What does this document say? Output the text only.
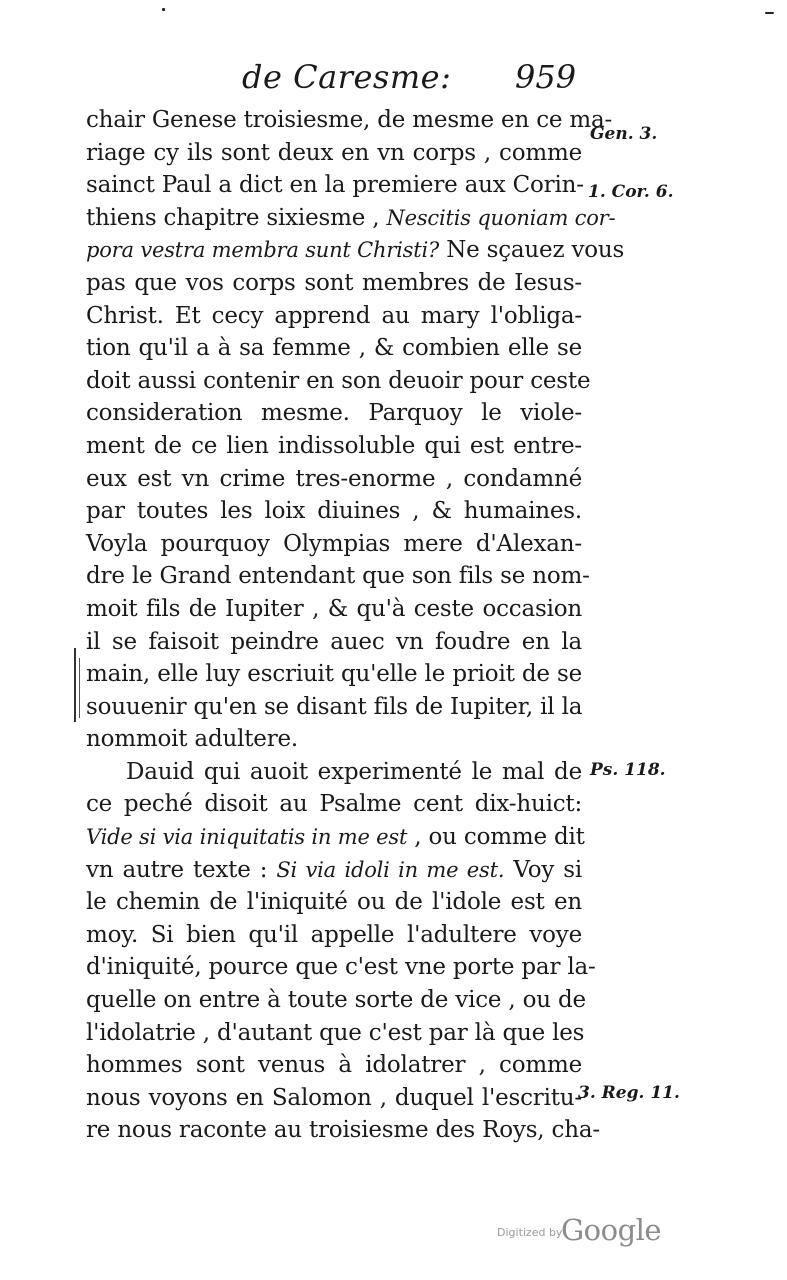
de Caresme: 959
chair Genese troisiesme, de mesme en ce ma-
riage cy ils sont deux en vn corps , comme
sainct Paul a dict en la premiere aux Corin-
thiens chapitre sixiesme , Nescitis quoniam cor-
pora vestra membra sunt Christi? Ne sçauez vous
pas que vos corps sont membres de Iesus-
Christ. Et cecy apprend au mary l'obliga-
tion qu'il a à sa femme , & combien elle se
doit aussi contenir en son deuoir pour ceste
consideration mesme. Parquoy le viole-
ment de ce lien indissoluble qui est entre-
eux est vn crime tres-enorme , condamné
par toutes les loix diuines , & humaines.
Voyla pourquoy Olympias mere d'Alexan-
dre le Grand entendant que son fils se nom-
moit fils de Iupiter , & qu'à ceste occasion
il se faisoit peindre auec vn foudre en la
main, elle luy escriuit qu'elle le prioit de se
souuenir qu'en se disant fils de Iupiter, il la
nommoit adultere.
Dauid qui auoit experimenté le mal de
ce peché disoit au Psalme cent dix-huict:
Vide si via iniquitatis in me est , ou comme dit
vn autre texte : Si via idoli in me est. Voy si
le chemin de l'iniquité ou de l'idole est en
moy. Si bien qu'il appelle l'adultere voye
d'iniquité, pource que c'est vne porte par la-
quelle on entre à toute sorte de vice , ou de
l'idolatrie , d'autant que c'est par là que les
hommes sont venus à idolatrer , comme
nous voyons en Salomon , duquel l'escritu-
re nous raconte au troisiesme des Roys, cha-
Gen. 3.
1. Cor. 6.
Ps. 118.
3. Reg. 11.
Digitized by
Google
